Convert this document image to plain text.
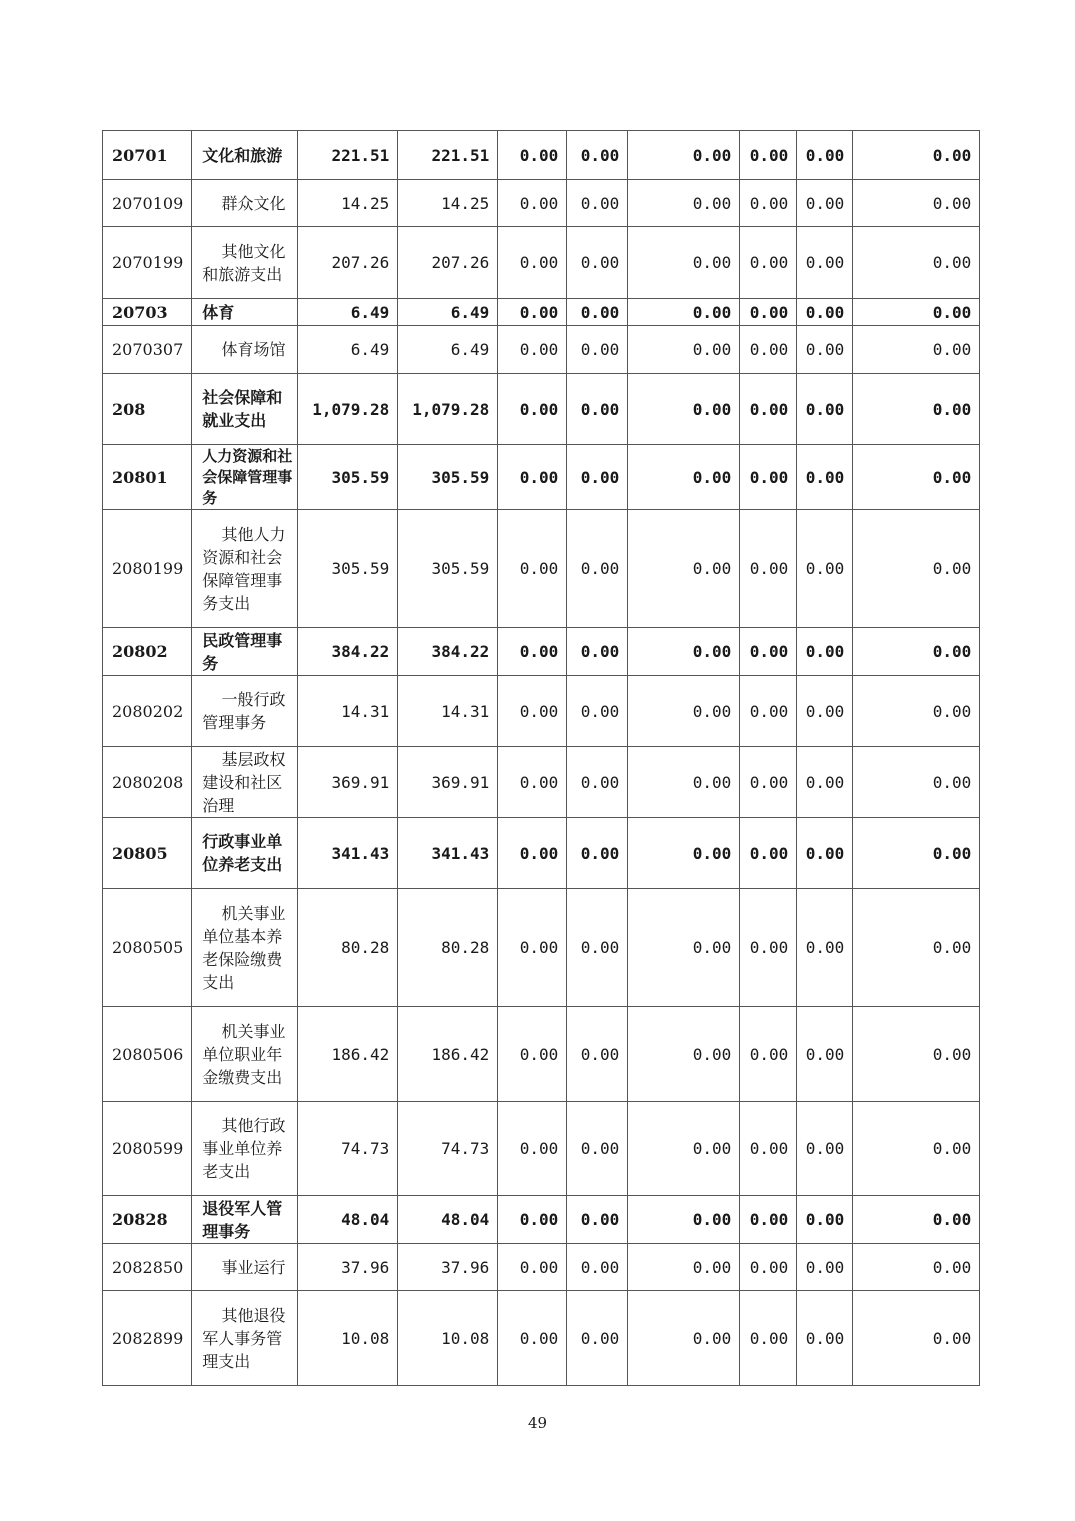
20701	文化和旅游	221.51	221.51	0.00	0.00	0.00	0.00	0.00	0.00
2070109	群众文化	14.25	14.25	0.00	0.00	0.00	0.00	0.00	0.00
2070199	其他文化和旅游支出	207.26	207.26	0.00	0.00	0.00	0.00	0.00	0.00
20703	体育	6.49	6.49	0.00	0.00	0.00	0.00	0.00	0.00
2070307	体育场馆	6.49	6.49	0.00	0.00	0.00	0.00	0.00	0.00
208	社会保障和就业支出	1,079.28	1,079.28	0.00	0.00	0.00	0.00	0.00	0.00
20801	人力资源和社会保障管理事务	305.59	305.59	0.00	0.00	0.00	0.00	0.00	0.00
2080199	其他人力资源和社会保障管理事务支出	305.59	305.59	0.00	0.00	0.00	0.00	0.00	0.00
20802	民政管理事务	384.22	384.22	0.00	0.00	0.00	0.00	0.00	0.00
2080202	一般行政管理事务	14.31	14.31	0.00	0.00	0.00	0.00	0.00	0.00
2080208	基层政权建设和社区治理	369.91	369.91	0.00	0.00	0.00	0.00	0.00	0.00
20805	行政事业单位养老支出	341.43	341.43	0.00	0.00	0.00	0.00	0.00	0.00
2080505	机关事业单位基本养老保险缴费支出	80.28	80.28	0.00	0.00	0.00	0.00	0.00	0.00
2080506	机关事业单位职业年金缴费支出	186.42	186.42	0.00	0.00	0.00	0.00	0.00	0.00
2080599	其他行政事业单位养老支出	74.73	74.73	0.00	0.00	0.00	0.00	0.00	0.00
20828	退役军人管理事务	48.04	48.04	0.00	0.00	0.00	0.00	0.00	0.00
2082850	事业运行	37.96	37.96	0.00	0.00	0.00	0.00	0.00	0.00
2082899	其他退役军人事务管理支出	10.08	10.08	0.00	0.00	0.00	0.00	0.00	0.00
49
